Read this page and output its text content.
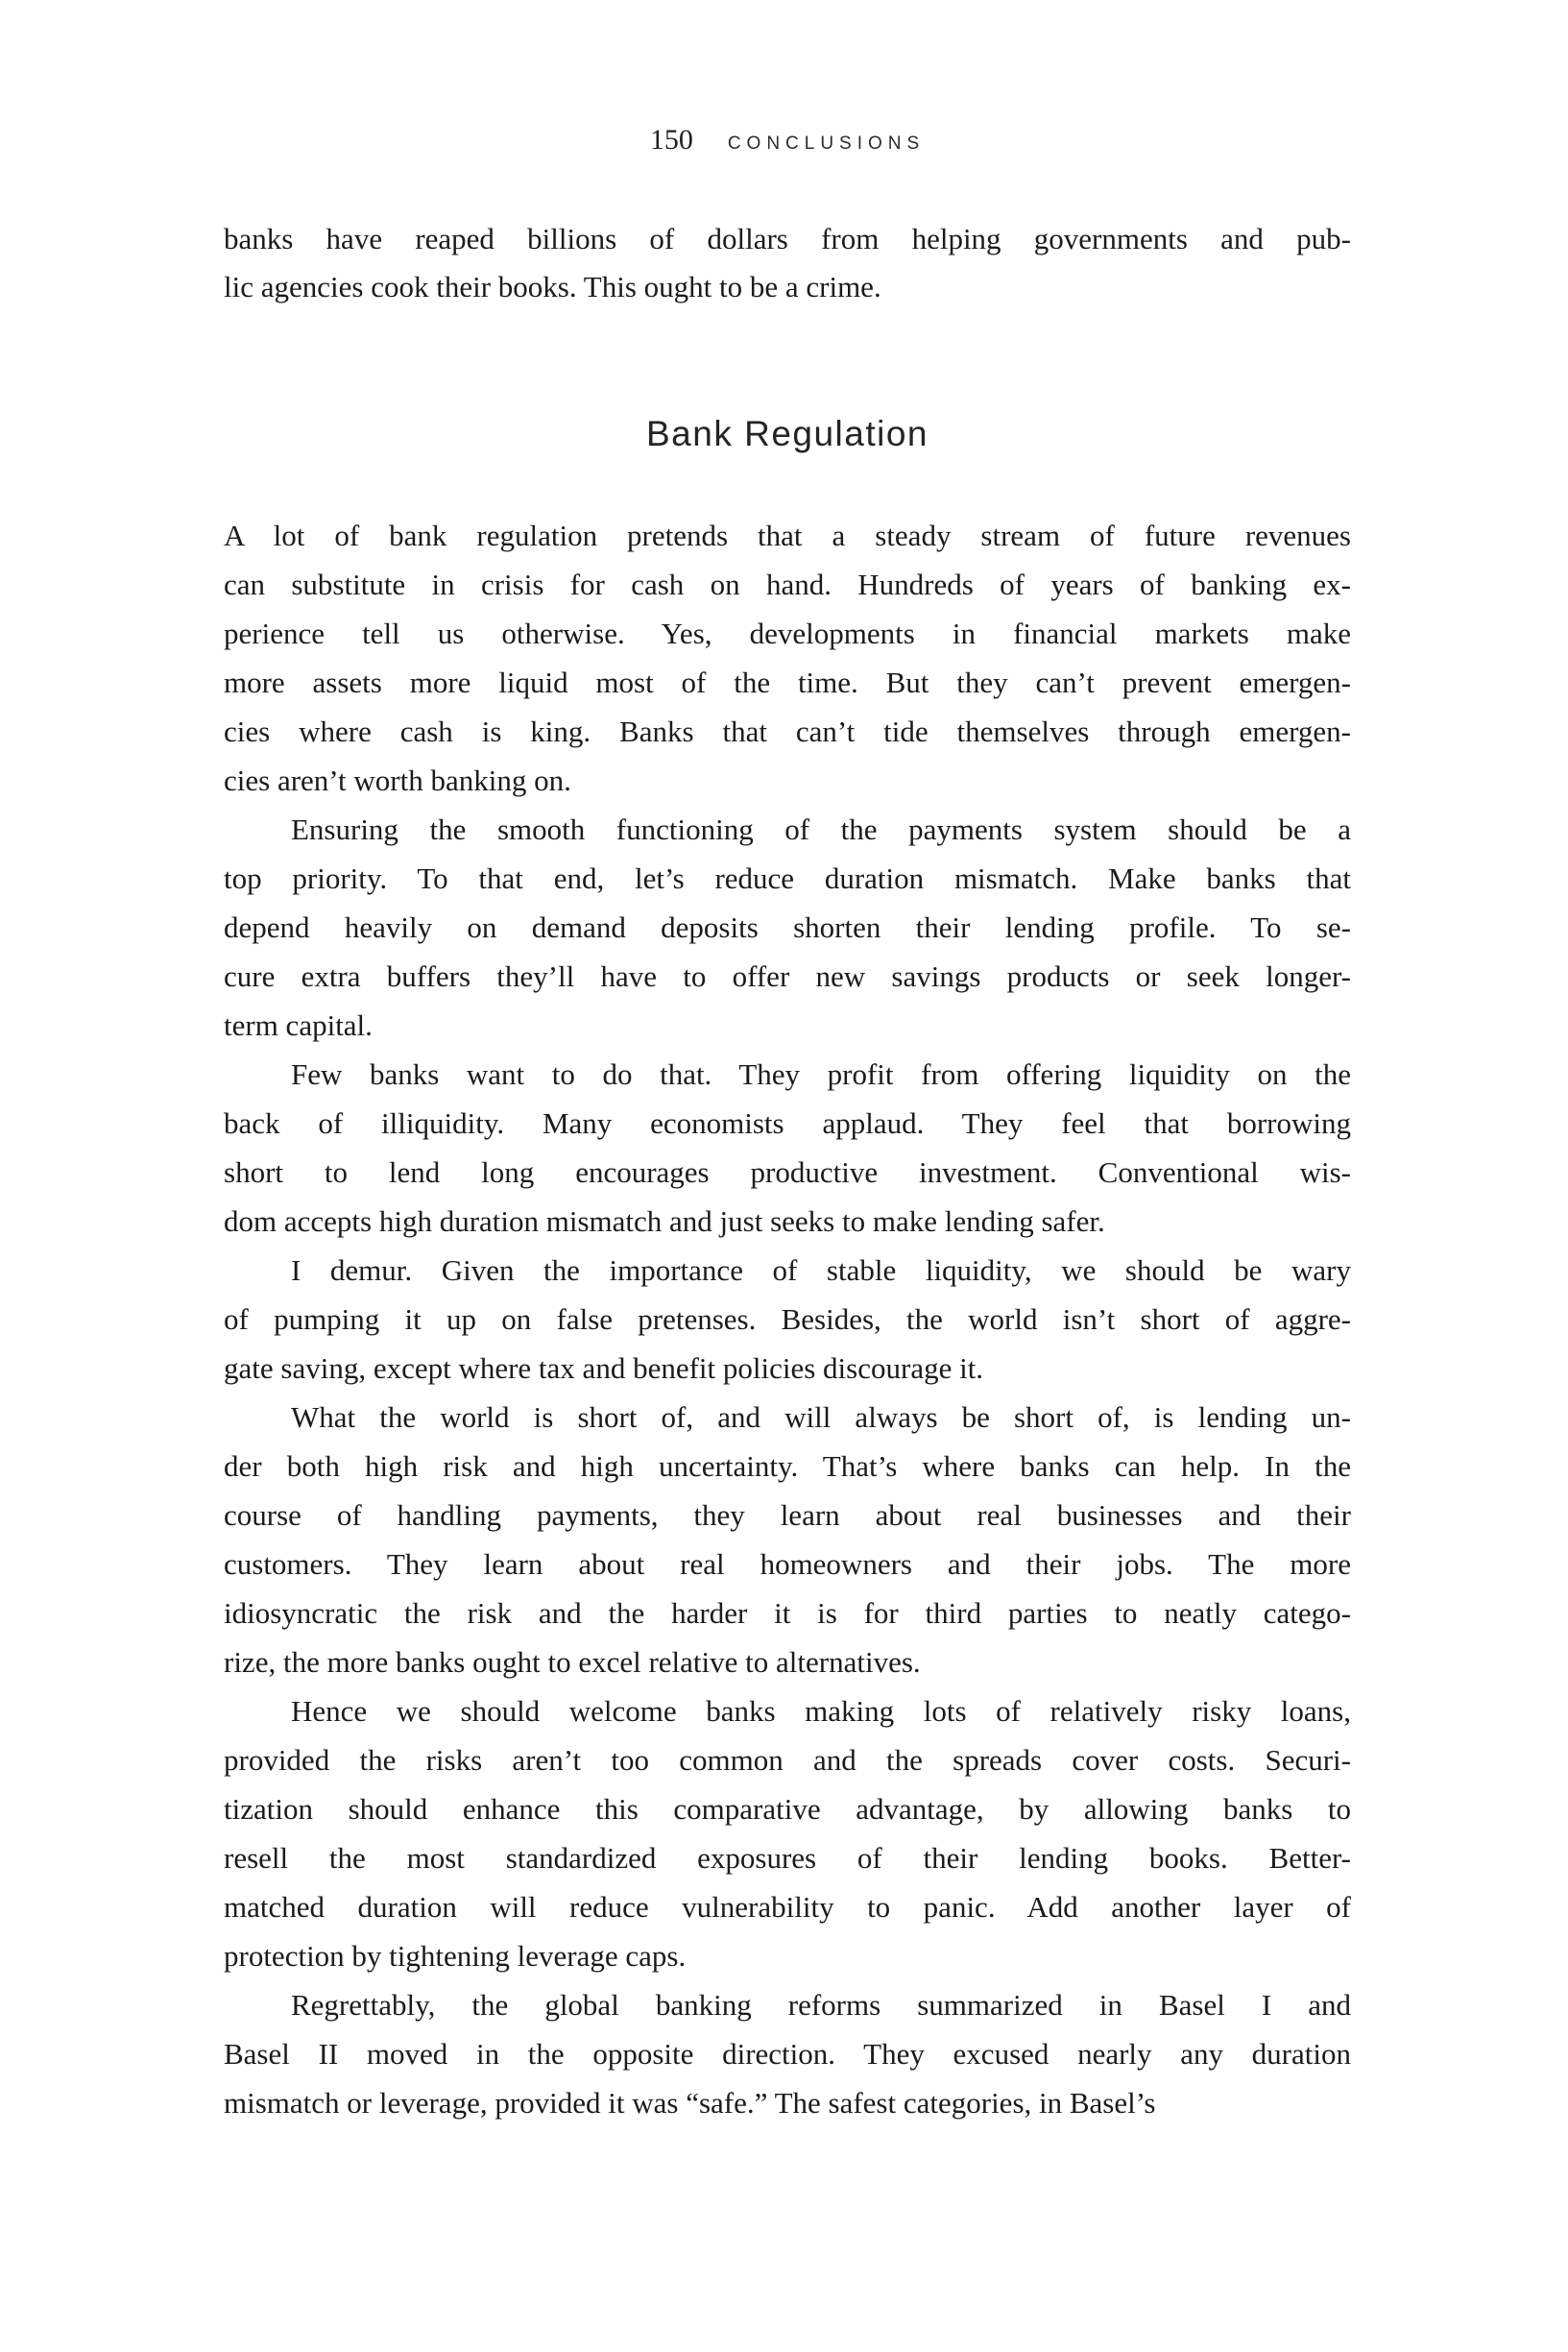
150 CONCLUSIONS
banks have reaped billions of dollars from helping governments and pub-
lic agencies cook their books. This ought to be a crime.
Bank Regulation
A lot of bank regulation pretends that a steady stream of future revenues
can substitute in crisis for cash on hand. Hundreds of years of banking ex-
perience tell us otherwise. Yes, developments in financial markets make
more assets more liquid most of the time. But they can’t prevent emergen-
cies where cash is king. Banks that can’t tide themselves through emergen-
cies aren’t worth banking on.
Ensuring the smooth functioning of the payments system should be a
top priority. To that end, let’s reduce duration mismatch. Make banks that
depend heavily on demand deposits shorten their lending profile. To se-
cure extra buffers they’ll have to offer new savings products or seek longer-
term capital.
Few banks want to do that. They profit from offering liquidity on the
back of illiquidity. Many economists applaud. They feel that borrowing
short to lend long encourages productive investment. Conventional wis-
dom accepts high duration mismatch and just seeks to make lending safer.
I demur. Given the importance of stable liquidity, we should be wary
of pumping it up on false pretenses. Besides, the world isn’t short of aggre-
gate saving, except where tax and benefit policies discourage it.
What the world is short of, and will always be short of, is lending un-
der both high risk and high uncertainty. That’s where banks can help. In the
course of handling payments, they learn about real businesses and their
customers. They learn about real homeowners and their jobs. The more
idiosyncratic the risk and the harder it is for third parties to neatly catego-
rize, the more banks ought to excel relative to alternatives.
Hence we should welcome banks making lots of relatively risky loans,
provided the risks aren’t too common and the spreads cover costs. Securi-
tization should enhance this comparative advantage, by allowing banks to
resell the most standardized exposures of their lending books. Better-
matched duration will reduce vulnerability to panic. Add another layer of
protection by tightening leverage caps.
Regrettably, the global banking reforms summarized in Basel I and
Basel II moved in the opposite direction. They excused nearly any duration
mismatch or leverage, provided it was “safe.” The safest categories, in Basel’s
